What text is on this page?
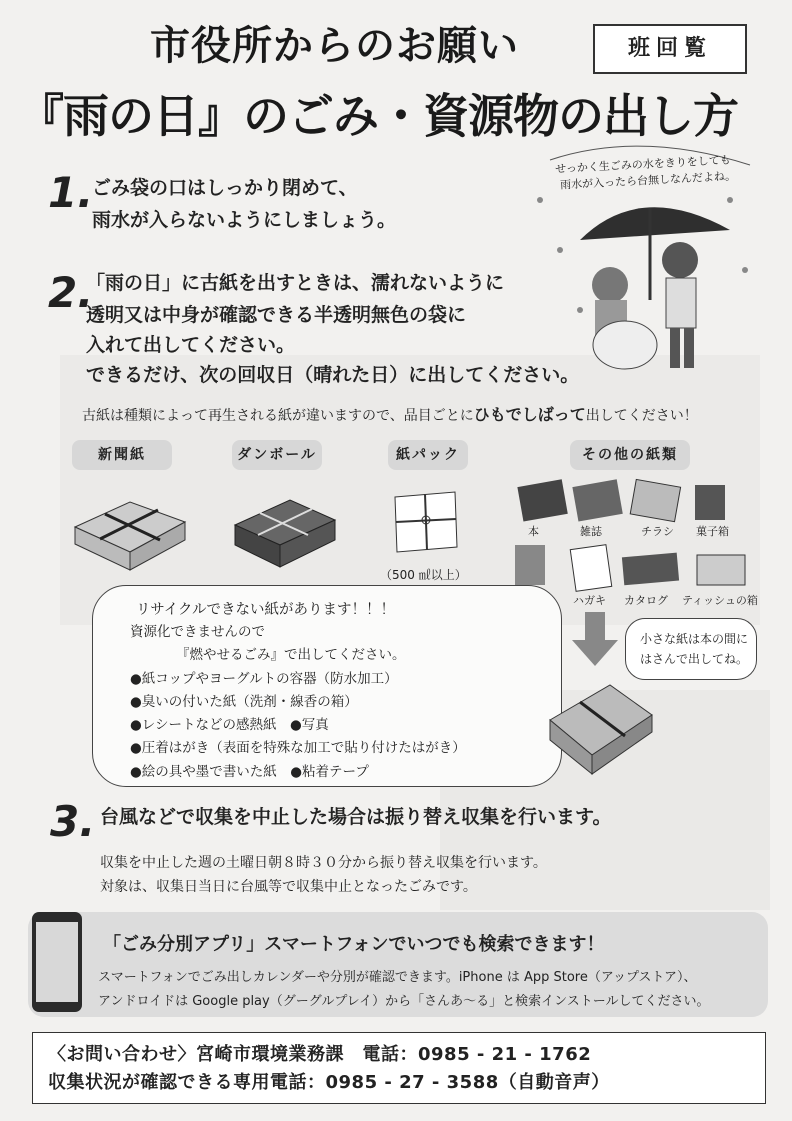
市役所からのお願い	班回覧
『雨の日』のごみ・資源物の出し方
1.
ごみ袋の口はしっかり閉めて、
雨水が入らないようにしましょう。
せっかく生ごみの水をきりをしても
雨水が入ったら台無しなんだよね。
2.
「雨の日」に古紙を出すときは、濡れないように
透明又は中身が確認できる半透明無色の袋に
入れて出してください。
できるだけ、次の回収日（晴れた日）に出してください。
古紙は種類によって再生される紙が違いますので、品目ごとにひもでしばって出してください！
新聞紙	ダンボール	紙パック	その他の紙類
（500 ㎖以上）
本	雑誌	チラシ 菓子箱
ハガキ カタログ ティッシュの箱
リサイクルできない紙があります！！！
資源化できませんので
『燃やせるごみ』で出してください。
●紙コップやヨーグルトの容器（防水加工）
●臭いの付いた紙（洗剤・線香の箱）
●レシートなどの感熱紙　●写真
●圧着はがき（表面を特殊な加工で貼り付けたはがき）
●絵の具や墨で書いた紙　●粘着テープ
小さな紙は本の間に
はさんで出してね。
3. 台風などで収集を中止した場合は振り替え収集を行います。
収集を中止した週の土曜日朝８時３０分から振り替え収集を行います。
対象は、収集日当日に台風等で収集中止となったごみです。
「ごみ分別アプリ」スマートフォンでいつでも検索できます！
スマートフォンでごみ出しカレンダーや分別が確認できます。iPhone は App Store（アップストア）、
アンドロイドは Google play（グーグルプレイ）から「さんあ～る」と検索インストールしてください。
〈お問い合わせ〉宮崎市環境業務課　電話：0985 - 21 - 1762
収集状況が確認できる専用電話：0985 - 27 - 3588（自動音声）
